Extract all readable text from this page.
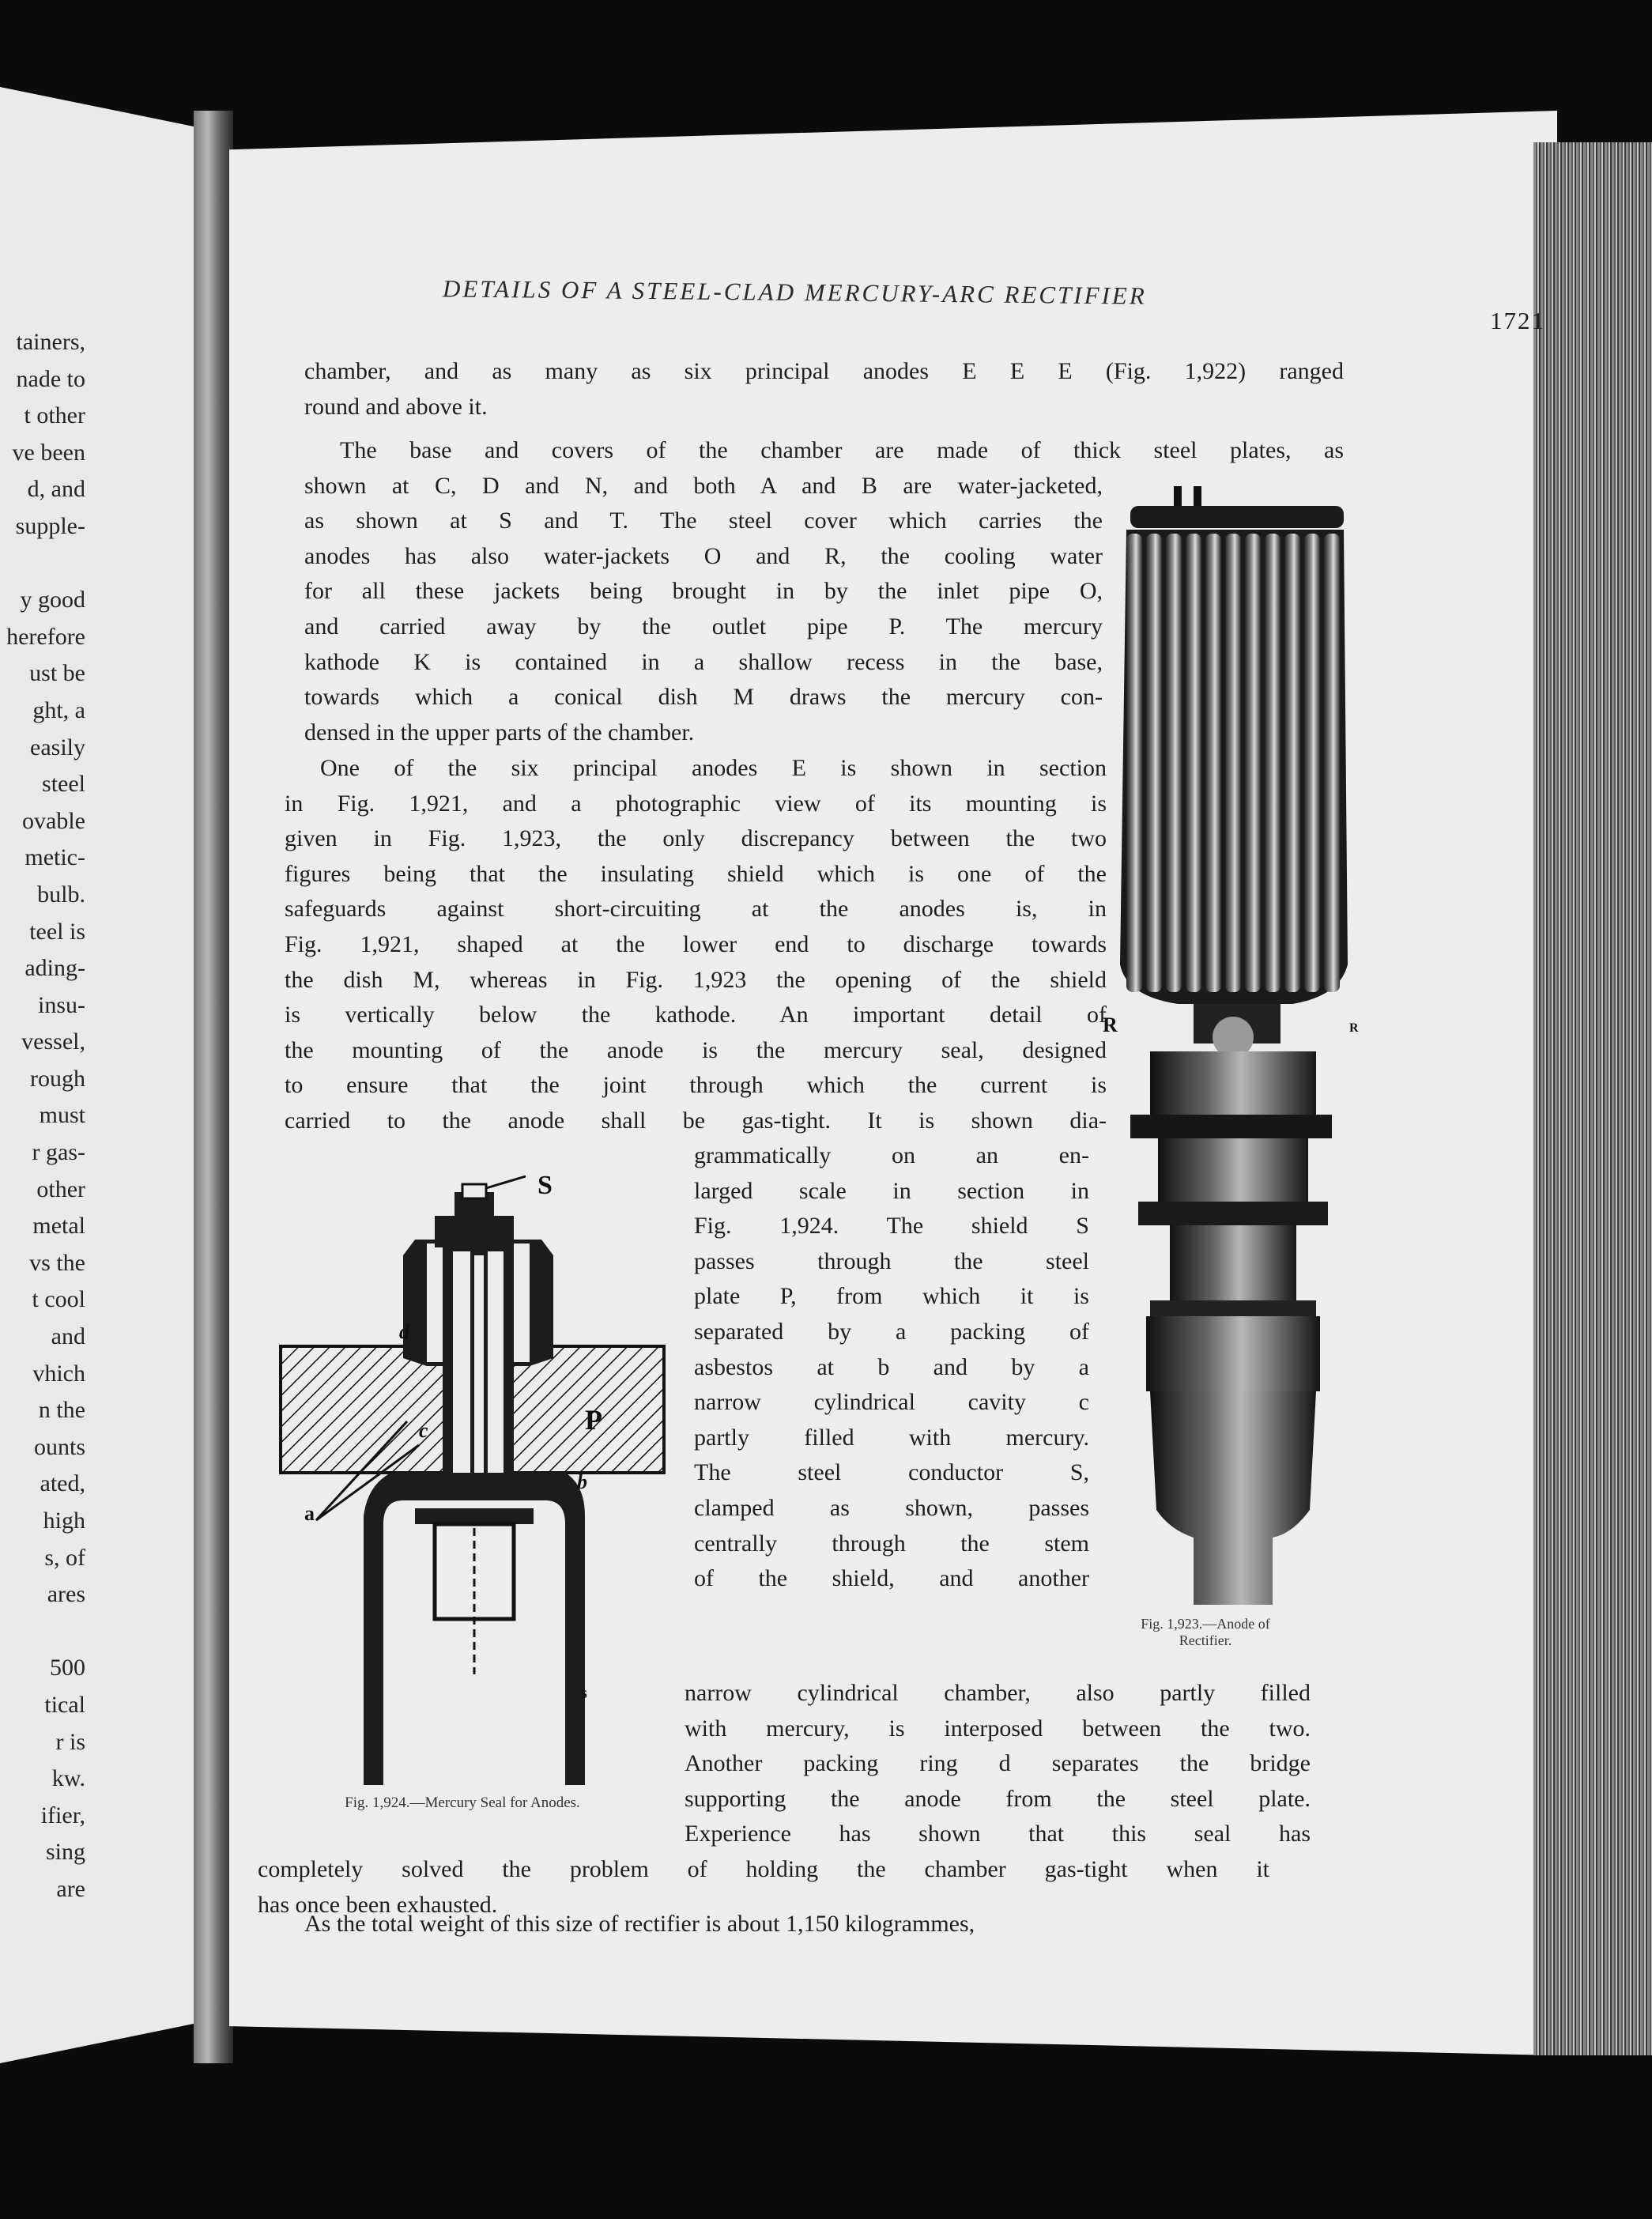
tainers,
nade to
t other
ve been
d, and
supple-

y good
herefore
ust be
ght, a
easily
steel
ovable
metic-
bulb.
teel is
ading-
insu-
vessel,
rough
must
r gas-
other
metal
vs the
t cool
and
vhich
n the
ounts
ated,
high
s, of
ares

500
tical
r is
kw.
ifier,
sing
are
DETAILS OF A STEEL-CLAD MERCURY-ARC RECTIFIER
1721
chamber, and as many as six principal anodes E E E (Fig. 1,922) ranged
round and above it.
The base and covers of the chamber are made of thick steel plates, as
shown at C, D and N, and both A and B are water-jacketed,
as shown at S and T. The steel cover which carries the
anodes has also water-jackets O and R, the cooling water
for all these jackets being brought in by the inlet pipe O,
and carried away by the outlet pipe P. The mercury
kathode K is contained in a shallow recess in the base,
towards which a conical dish M draws the mercury con-
densed in the upper parts of the chamber.
One of the six principal anodes E is shown in section
in Fig. 1,921, and a photographic view of its mounting is
given in Fig. 1,923, the only discrepancy between the two
figures being that the insulating shield which is one of the
safeguards against short-circuiting at the anodes is, in
Fig. 1,921, shaped at the lower end to discharge towards
the dish M, whereas in Fig. 1,923 the opening of the shield
is vertically below the kathode. An important detail of
the mounting of the anode is the mercury seal, designed
to ensure that the joint through which the current is
carried to the anode shall be gas-tight. It is shown dia-
grammatically on an en-
larged scale in section in
Fig. 1,924. The shield S
passes through the steel
plate P, from which it is
separated by a packing of
asbestos at b and by a
narrow cylindrical cavity c
partly filled with mercury.
The steel conductor S,
clamped as shown, passes
centrally through the stem
of the shield, and another
narrow cylindrical chamber, also partly filled
with mercury, is interposed between the two.
Another packing ring d separates the bridge
supporting the anode from the steel plate.
Experience has shown that this seal has
completely solved the problem of holding the chamber gas-tight when it
has once been exhausted.
As the total weight of this size of rectifier is about 1,150 kilogrammes,
R	R
Fig. 1,923.—Anode of
Rectifier.
a
S
d
c	P
b
s
Fig. 1,924.—Mercury Seal for Anodes.
